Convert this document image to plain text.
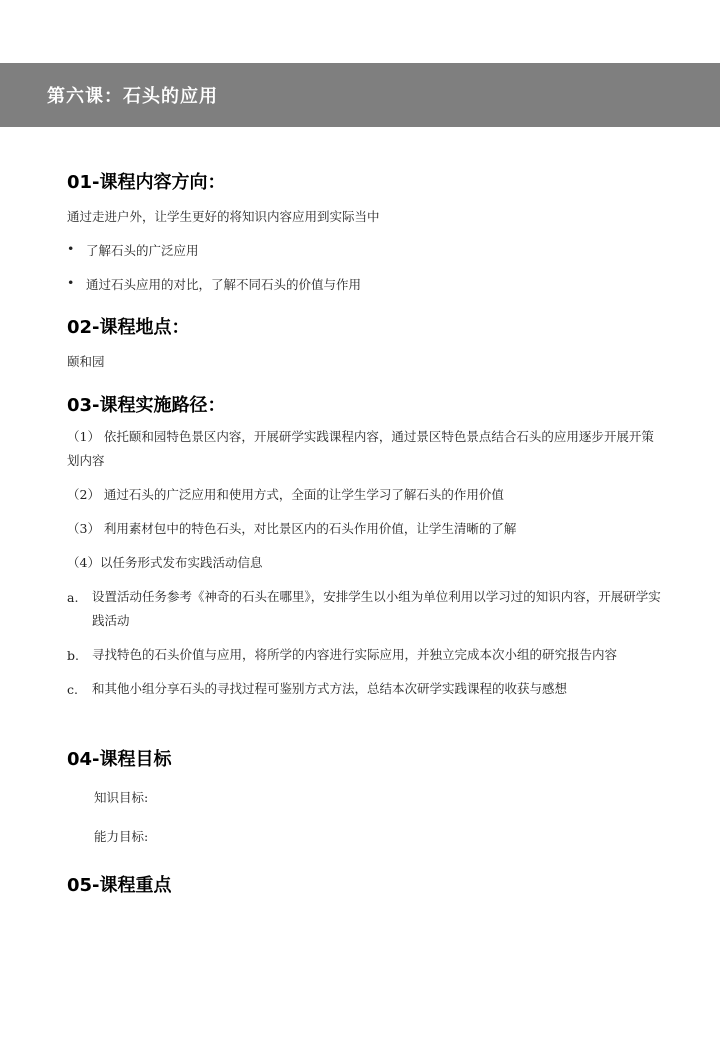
第六课：石头的应用
01-课程内容方向：
通过走进户外，让学生更好的将知识内容应用到实际当中
• 了解石头的广泛应用
• 通过石头应用的对比，了解不同石头的价值与作用
02-课程地点：
颐和园
03-课程实施路径：
（1） 依托颐和园特色景区内容，开展研学实践课程内容，通过景区特色景点结合石头的应用逐步开展开策划内容
（2） 通过石头的广泛应用和使用方式，全面的让学生学习了解石头的作用价值
（3） 利用素材包中的特色石头，对比景区内的石头作用价值，让学生清晰的了解
（4）以任务形式发布实践活动信息
a. 设置活动任务参考《神奇的石头在哪里》，安排学生以小组为单位利用以学习过的知识内容，开展研学实践活动
b. 寻找特色的石头价值与应用，将所学的内容进行实际应用，并独立完成本次小组的研究报告内容
c. 和其他小组分享石头的寻找过程可鉴别方式方法，总结本次研学实践课程的收获与感想
04-课程目标
知识目标:
能力目标:
05-课程重点
